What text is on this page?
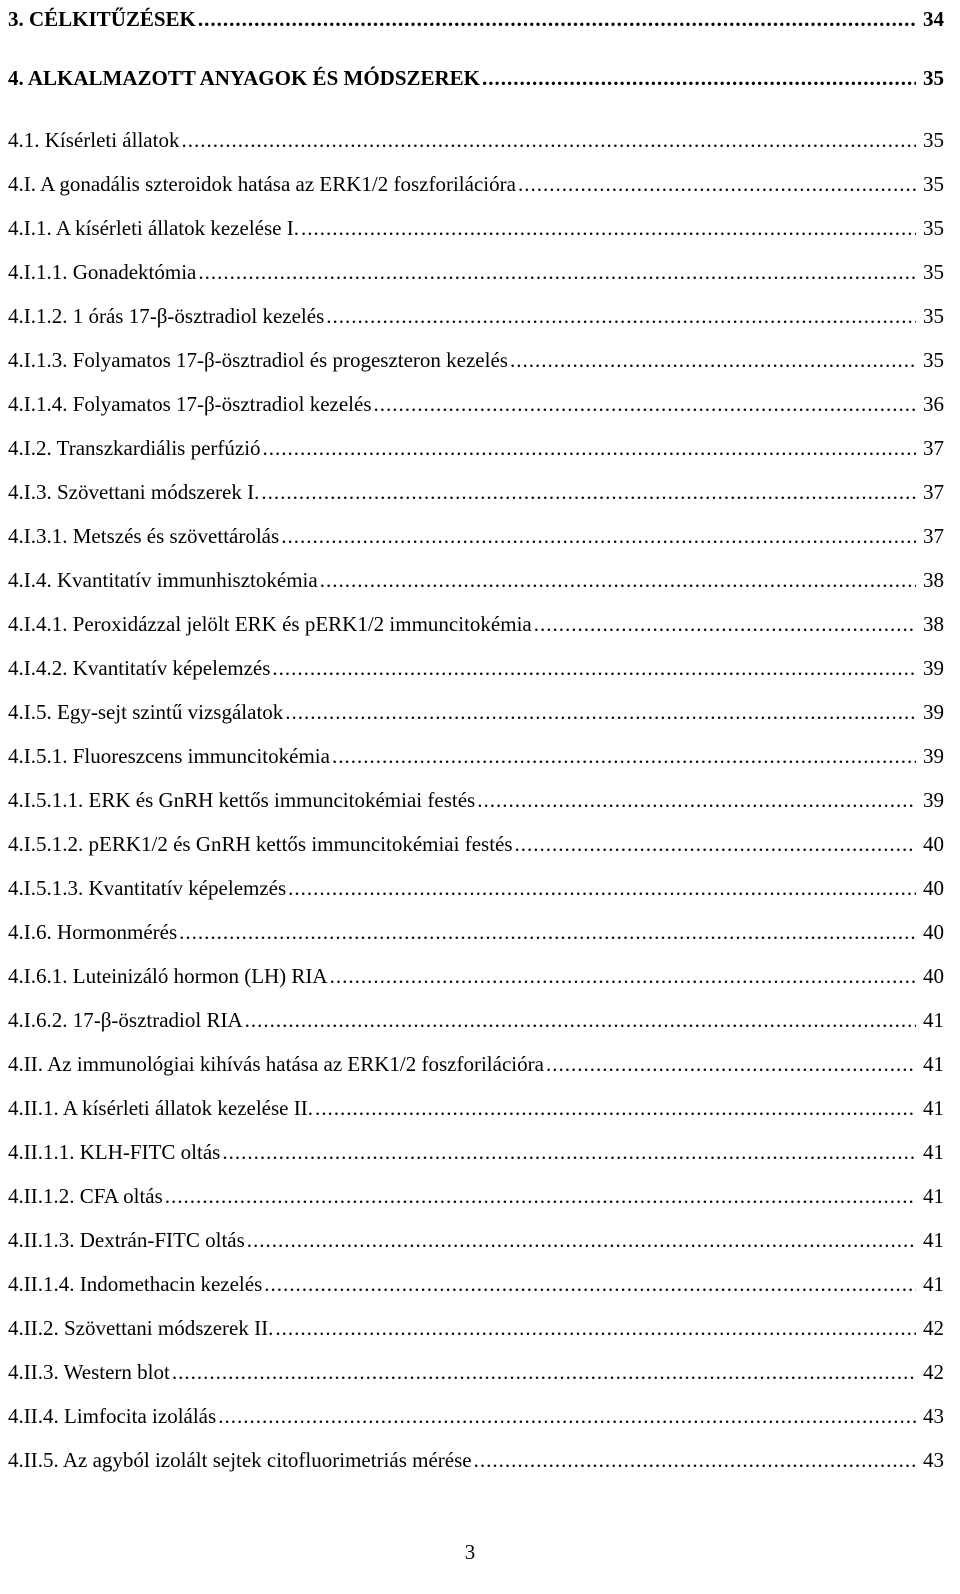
3. CÉLKITŰZÉSEK .....	34
4. ALKALMAZOTT ANYAGOK ÉS MÓDSZEREK .....	35
4.1. Kísérleti állatok .....	35
4.I. A gonadális szteroidok hatása az ERK1/2 foszforilációra .....	35
4.I.1. A kísérleti állatok kezelése I. .....	35
4.I.1.1. Gonadektómia .....	35
4.I.1.2. 1 órás 17-β-ösztradiol kezelés .....	35
4.I.1.3. Folyamatos 17-β-ösztradiol és progeszteron kezelés .....	35
4.I.1.4. Folyamatos 17-β-ösztradiol kezelés .....	36
4.I.2. Transzkardiális perfúzió .....	37
4.I.3. Szövettani módszerek I. .....	37
4.I.3.1. Metszés és szövettárolás .....	37
4.I.4. Kvantitatív immunhisztokémia .....	38
4.I.4.1. Peroxidázzal jelölt ERK és pERK1/2 immuncitokémia .....	38
4.I.4.2. Kvantitatív képelemzés .....	39
4.I.5. Egy-sejt szintű vizsgálatok .....	39
4.I.5.1. Fluoreszcens immuncitokémia .....	39
4.I.5.1.1. ERK és GnRH kettős immuncitokémiai festés .....	39
4.I.5.1.2. pERK1/2 és GnRH kettős immuncitokémiai festés .....	40
4.I.5.1.3. Kvantitatív képelemzés .....	40
4.I.6. Hormonmérés .....	40
4.I.6.1. Luteinizáló hormon (LH) RIA .....	40
4.I.6.2. 17-β-ösztradiol RIA .....	41
4.II. Az immunológiai kihívás hatása az ERK1/2 foszforilációra .....	41
4.II.1. A kísérleti állatok kezelése II. .....	41
4.II.1.1. KLH-FITC oltás .....	41
4.II.1.2. CFA oltás .....	41
4.II.1.3. Dextrán-FITC oltás .....	41
4.II.1.4. Indomethacin kezelés .....	41
4.II.2. Szövettani módszerek II. .....	42
4.II.3. Western blot .....	42
4.II.4. Limfocita izolálás .....	43
4.II.5. Az agyból izolált sejtek citofluorimetriás mérése .....	43
3
